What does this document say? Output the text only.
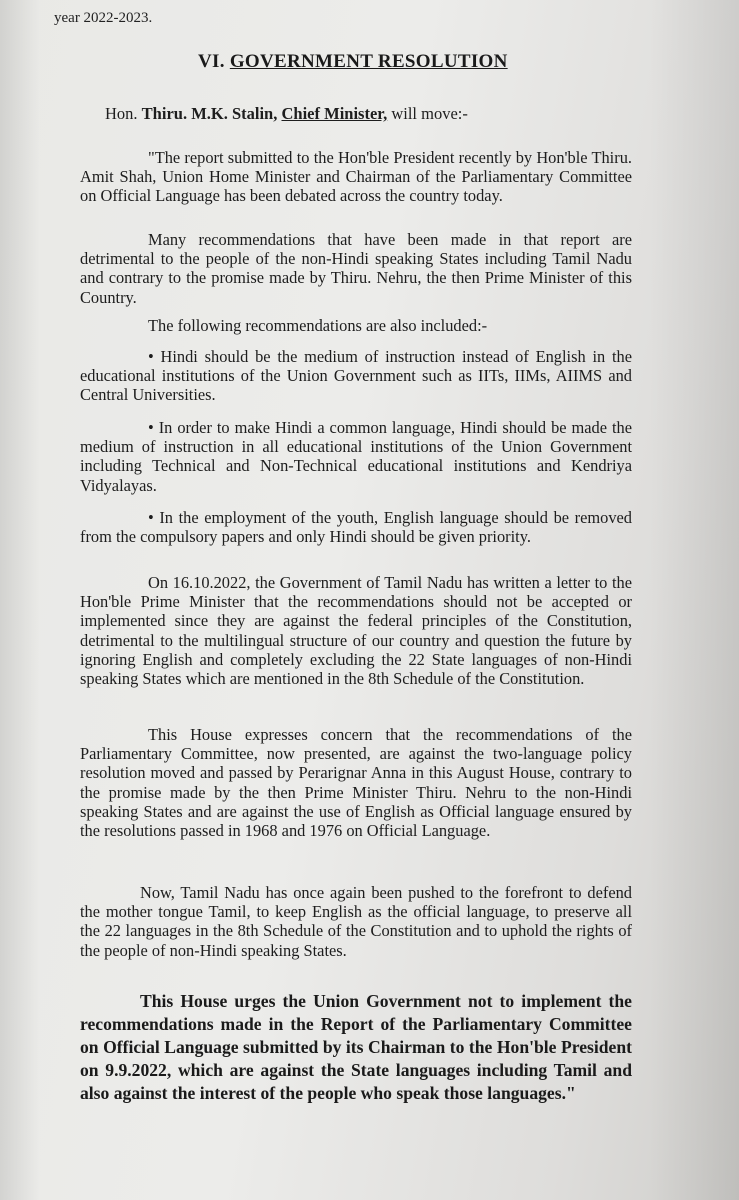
year 2022-2023.
VI. GOVERNMENT RESOLUTION
Hon. Thiru. M.K. Stalin, Chief Minister, will move:-
"The report submitted to the Hon'ble President recently by Hon'ble Thiru. Amit Shah, Union Home Minister and Chairman of the Parliamentary Committee on Official Language has been debated across the country today.
Many recommendations that have been made in that report are detrimental to the people of the non-Hindi speaking States including Tamil Nadu and contrary to the promise made by Thiru. Nehru, the then Prime Minister of this Country.
The following recommendations are also included:-
• Hindi should be the medium of instruction instead of English in the educational institutions of the Union Government such as IITs, IIMs, AIIMS and Central Universities.
• In order to make Hindi a common language, Hindi should be made the medium of instruction in all educational institutions of the Union Government including Technical and Non-Technical educational institutions and Kendriya Vidyalayas.
• In the employment of the youth, English language should be removed from the compulsory papers and only Hindi should be given priority.
On 16.10.2022, the Government of Tamil Nadu has written a letter to the Hon'ble Prime Minister that the recommendations should not be accepted or implemented since they are against the federal principles of the Constitution, detrimental to the multilingual structure of our country and question the future by ignoring English and completely excluding the 22 State languages of non-Hindi speaking States which are mentioned in the 8th Schedule of the Constitution.
This House expresses concern that the recommendations of the Parliamentary Committee, now presented, are against the two-language policy resolution moved and passed by Perarignar Anna in this August House, contrary to the promise made by the then Prime Minister Thiru. Nehru to the non-Hindi speaking States and are against the use of English as Official language ensured by the resolutions passed in 1968 and 1976 on Official Language.
Now, Tamil Nadu has once again been pushed to the forefront to defend the mother tongue Tamil, to keep English as the official language, to preserve all the 22 languages in the 8th Schedule of the Constitution and to uphold the rights of the people of non-Hindi speaking States.
This House urges the Union Government not to implement the recommendations made in the Report of the Parliamentary Committee on Official Language submitted by its Chairman to the Hon'ble President on 9.9.2022, which are against the State languages including Tamil and also against the interest of the people who speak those languages."
